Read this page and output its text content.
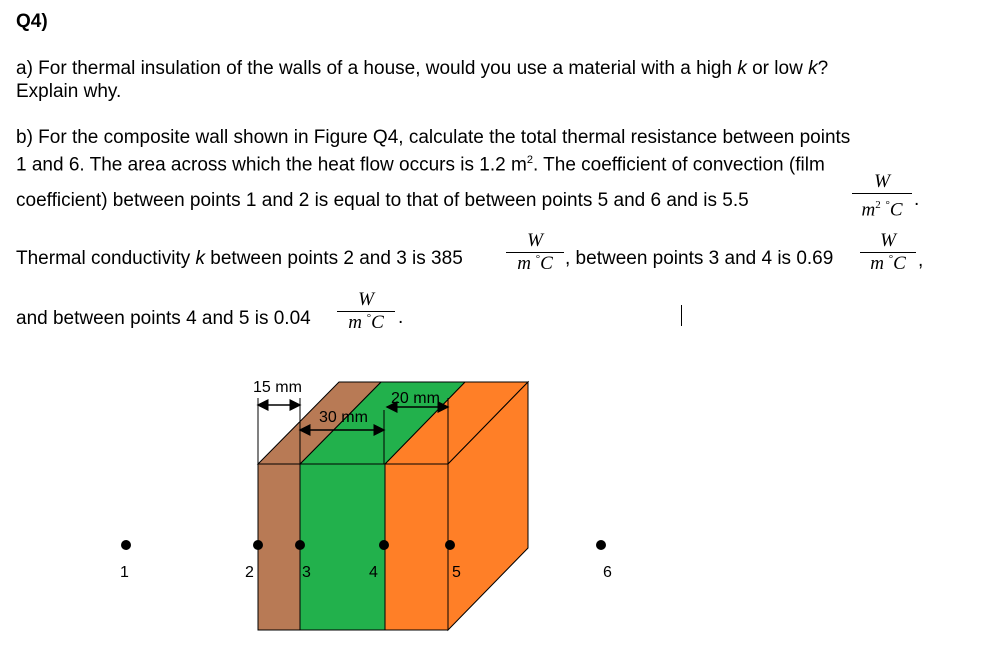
Q4)
a) For thermal insulation of the walls of a house, would you use a material with a high k or low k?
Explain why.
b) For the composite wall shown in Figure Q4, calculate the total thermal resistance between points
1 and 6. The area across which the heat flow occurs is 1.2 $m^2$. The coefficient of convection (film
coefficient) between points 1 and 2 is equal to that of between points 5 and 6 and is 5.5
W
$m^2$ °C .
Thermal conductivity k between points 2 and 3 is 385
W
m °C , between points 3 and 4 is 0.69
W
m °C ,
and between points 4 and 5 is 0.04
W
m °C .
15 mm
30 mm
20 mm
1	2	3	4	5	6
